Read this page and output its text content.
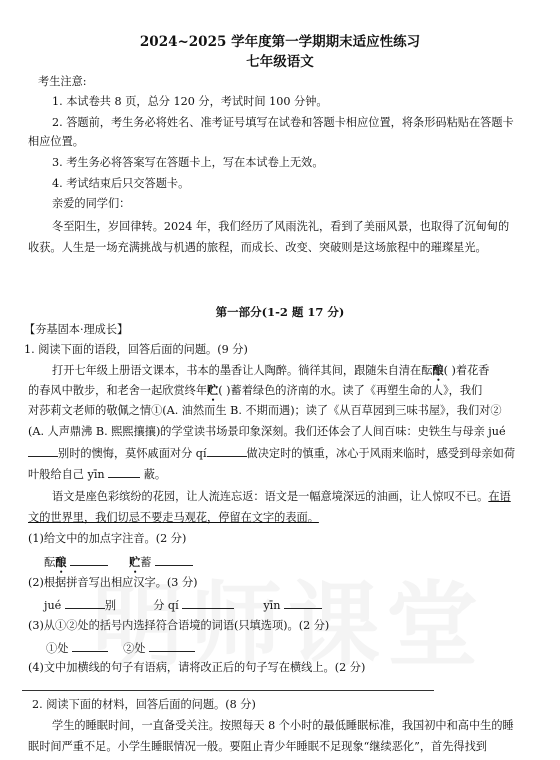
2024~2025 学年度第一学期期末适应性练习
七年级语文
考生注意:
1. 本试卷共 8 页，总分 120 分，考试时间 100 分钟。
2. 答题前，考生务必将姓名、准考证号填写在试卷和答题卡相应位置，将条形码粘贴在答题卡
相应位置。
3. 考生务必将答案写在答题卡上，写在本试卷上无效。
4. 考试结束后只交答题卡。
亲爱的同学们：
冬至阳生，岁回律转。2024 年，我们经历了风雨洗礼，看到了美丽风景，也取得了沉甸甸的
收获。人生是一场充满挑战与机遇的旅程，而成长、改变、突破则是这场旅程中的璀璨星光。
第一部分(1-2 题 17 分)
【夯基固本·理成长】
1. 阅读下面的语段，回答后面的问题。(9 分)
打开七年级上册语文课本，书本的墨香让人陶醉。徜徉其间，跟随朱自清在酝酿( )着花香
的春风中散步，和老舍一起欣赏终年贮( )蓄着绿色的济南的水。读了《再塑生命的人》，我们
对莎莉文老师的敬佩之情①(A. 油然而生 B. 不期而遇)；读了《从百草园到三味书屋》，我们对②
(A. 人声鼎沸 B. 熙熙攘攘)的学堂读书场景印象深刻。我们还体会了人间百味：史铁生与母亲 jué
别时的懊悔，莫怀戚面对分 qí	做决定时的慎重，冰心于风雨来临时，感受到母亲如荷
叶般给自己 yīn	蔽。
语文是座色彩缤纷的花园，让人流连忘返：语文是一幅意境深远的油画，让人惊叹不已。在语
文的世界里，我们切忌不要走马观花，停留在文字的表面。
(1)给文中的加点字注音。(2 分)
酝酿	贮蓄
(2)根据拼音写出相应汉字。(3 分)
jué	别	分 qí	yīn
(3)从①②处的括号内选择符合语境的词语(只填选项)。(2 分)
①处	②处
(4)文中加横线的句子有语病，请将改正后的句子写在横线上。(2 分)
2. 阅读下面的材料，回答后面的问题。(8 分)
学生的睡眠时间，一直备受关注。按照每天 8 个小时的最低睡眠标准，我国初中和高中生的睡
眠时间严重不足。小学生睡眠情况一般。要阻止青少年睡眠不足现象“继续恶化”，首先得找到
